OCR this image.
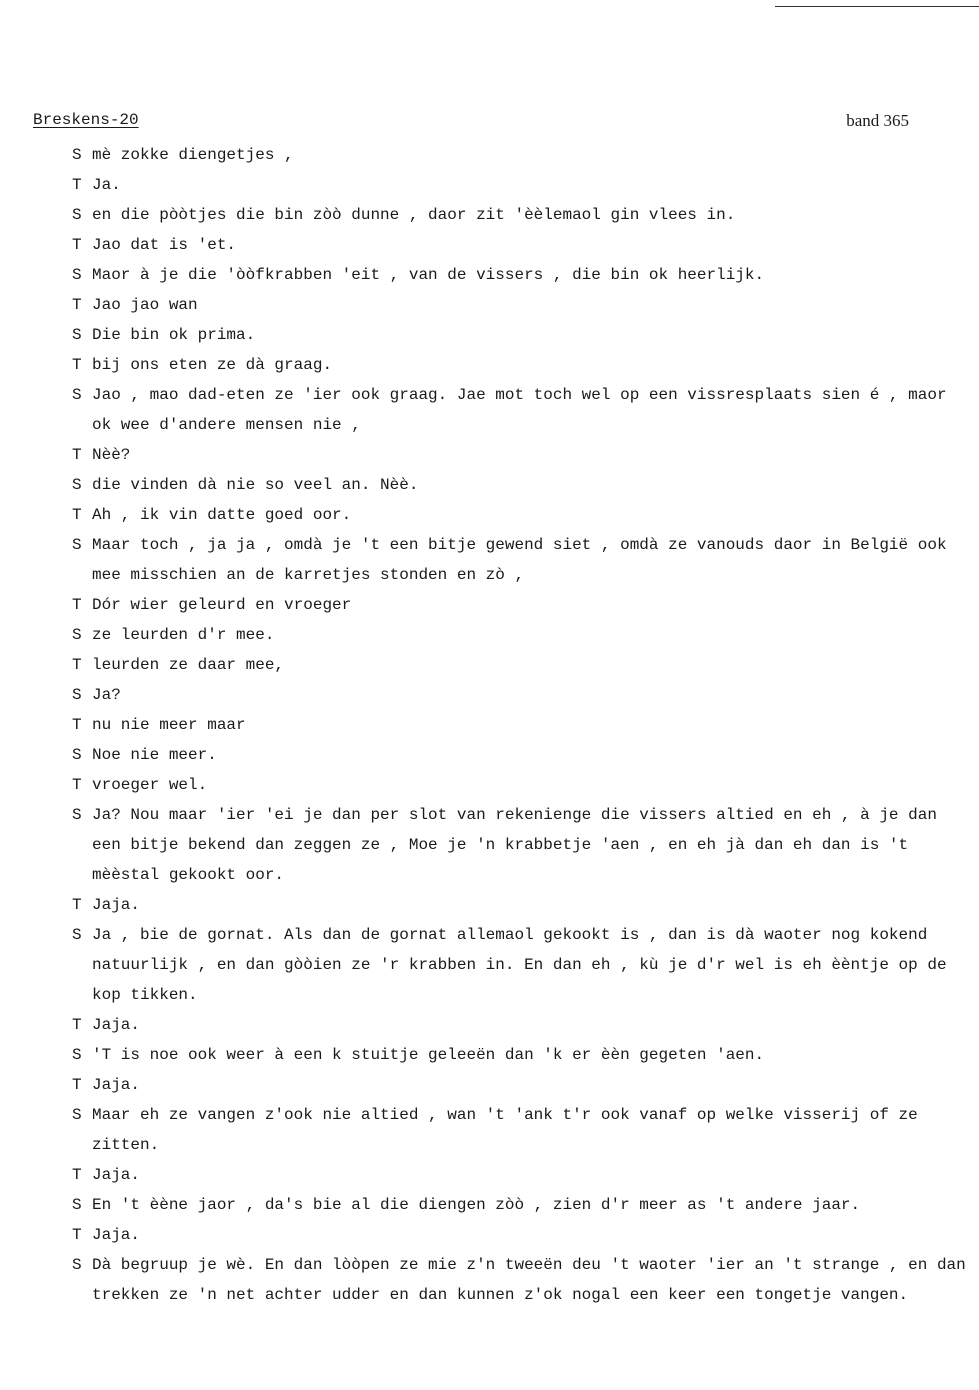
Breskens-20	band 365
S mè zokke diengetjes ,
T Ja.
S en die pòòtjes die bin zòò dunne , daor zit 'èèlemaol gin vlees in.
T Jao dat is 'et.
S Maor à je die 'òòfkrabben 'eit , van de vissers , die bin ok heerlijk.
T Jao jao wan
S Die bin ok prima.
T bij ons eten ze dà graag.
S Jao , mao dad-eten ze 'ier ook graag. Jae mot toch wel op een vissresplaats sien é , maor ok wee d'andere mensen nie ,
T Nèè?
S die vinden dà nie so veel an. Nèè.
T Ah , ik vin datte goed oor.
S Maar toch , ja ja , omdà je 't een bitje gewend siet , omdà ze vanouds daor in België ook mee misschien an de karretjes stonden en zò ,
T Dór wier geleurd en vroeger
S ze leurden d'r mee.
T leurden ze daar mee,
S Ja?
T nu nie meer maar
S Noe nie meer.
T vroeger wel.
S Ja? Nou maar 'ier 'ei je dan per slot van rekenienge die vissers altied en eh , à je dan een bitje bekend dan zeggen ze , Moe je 'n krabbetje 'aen , en eh jà dan eh dan is 't mèèstal gekookt oor.
T Jaja.
S Ja , bie de gornat. Als dan de gornat allemaol gekookt is , dan is dà waoter nog kokend natuurlijk , en dan gòòien ze 'r krabben in. En dan eh , kù je d'r wel is eh èèntje op de kop tikken.
T Jaja.
S 'T is noe ook weer à een k stuitje geleeën dan 'k er èèn gegeten 'aen.
T Jaja.
S Maar eh ze vangen z'ook nie altied , wan 't 'ank t'r ook vanaf op welke visserij of ze zitten.
T Jaja.
S En 't èène jaor , da's bie al die diengen zòò , zien d'r meer as 't andere jaar.
T Jaja.
S Dà begruup je wè. En dan lòòpen ze mie z'n tweeën deu 't waoter 'ier an 't strange , en dan trekken ze 'n net achter udder en dan kunnen z'ok nogal een keer een tongetje vangen.
